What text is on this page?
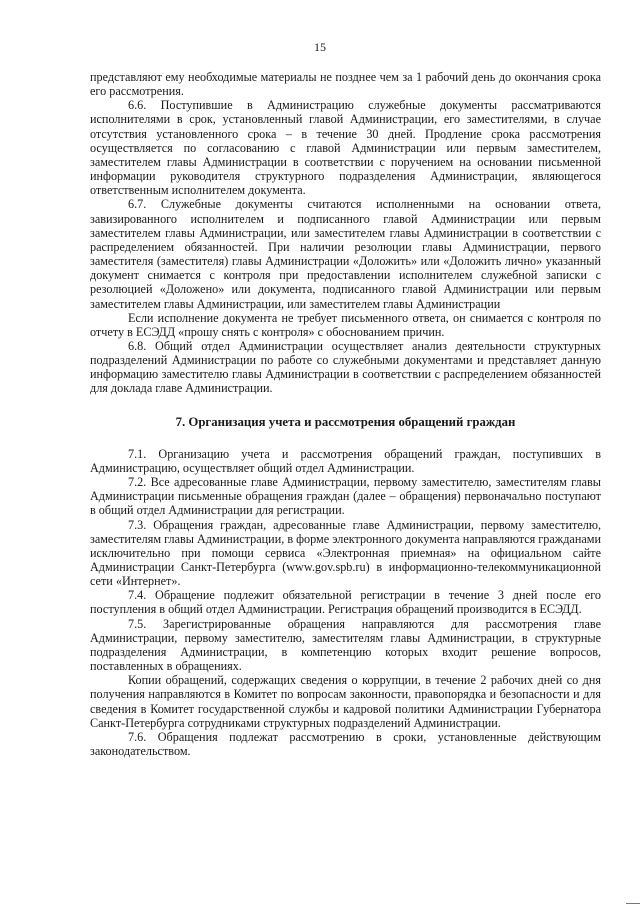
15

представляют ему необходимые материалы не позднее чем за 1 рабочий день до окончания срока его рассмотрения.

6.6. Поступившие в Администрацию служебные документы рассматриваются исполнителями в срок, установленный главой Администрации, его заместителями, в случае отсутствия установленного срока – в течение 30 дней. Продление срока рассмотрения осуществляется по согласованию с главой Администрации или первым заместителем, заместителем главы Администрации в соответствии с поручением на основании письменной информации руководителя структурного подразделения Администрации, являющегося ответственным исполнителем документа.

6.7. Служебные документы считаются исполненными на основании ответа, завизированного исполнителем и подписанного главой Администрации или первым заместителем главы Администрации, или заместителем главы Администрации в соответствии с распределением обязанностей. При наличии резолюции главы Администрации, первого заместителя (заместителя) главы Администрации «Доложить» или «Доложить лично» указанный документ снимается с контроля при предоставлении исполнителем служебной записки с резолюцией «Доложено» или документа, подписанного главой Администрации или первым заместителем главы Администрации, или заместителем главы Администрации

Если исполнение документа не требует письменного ответа, он снимается с контроля по отчету в ЕСЭДД «прошу снять с контроля» с обоснованием причин.

6.8. Общий отдел Администрации осуществляет анализ деятельности структурных подразделений Администрации по работе со служебными документами и представляет данную информацию заместителю главы Администрации в соответствии с распределением обязанностей для доклада главе Администрации.

7. Организация учета и рассмотрения обращений граждан

7.1. Организацию учета и рассмотрения обращений граждан, поступивших в Администрацию, осуществляет общий отдел Администрации.

7.2. Все адресованные главе Администрации, первому заместителю, заместителям главы Администрации письменные обращения граждан (далее – обращения) первоначально поступают в общий отдел Администрации для регистрации.

7.3. Обращения граждан, адресованные главе Администрации, первому заместителю, заместителям главы Администрации, в форме электронного документа направляются гражданами исключительно при помощи сервиса «Электронная приемная» на официальном сайте Администрации Санкт-Петербурга (www.gov.spb.ru) в информационно-телекоммуникационной сети «Интернет».

7.4. Обращение подлежит обязательной регистрации в течение 3 дней после его поступления в общий отдел Администрации. Регистрация обращений производится в ЕСЭДД.

7.5. Зарегистрированные обращения направляются для рассмотрения главе Администрации, первому заместителю, заместителям главы Администрации, в структурные подразделения Администрации, в компетенцию которых входит решение вопросов, поставленных в обращениях.

Копии обращений, содержащих сведения о коррупции, в течение 2 рабочих дней со дня получения направляются в Комитет по вопросам законности, правопорядка и безопасности и для сведения в Комитет государственной службы и кадровой политики Администрации Губернатора Санкт-Петербурга сотрудниками структурных подразделений Администрации.

7.6. Обращения подлежат рассмотрению в сроки, установленные действующим законодательством.
